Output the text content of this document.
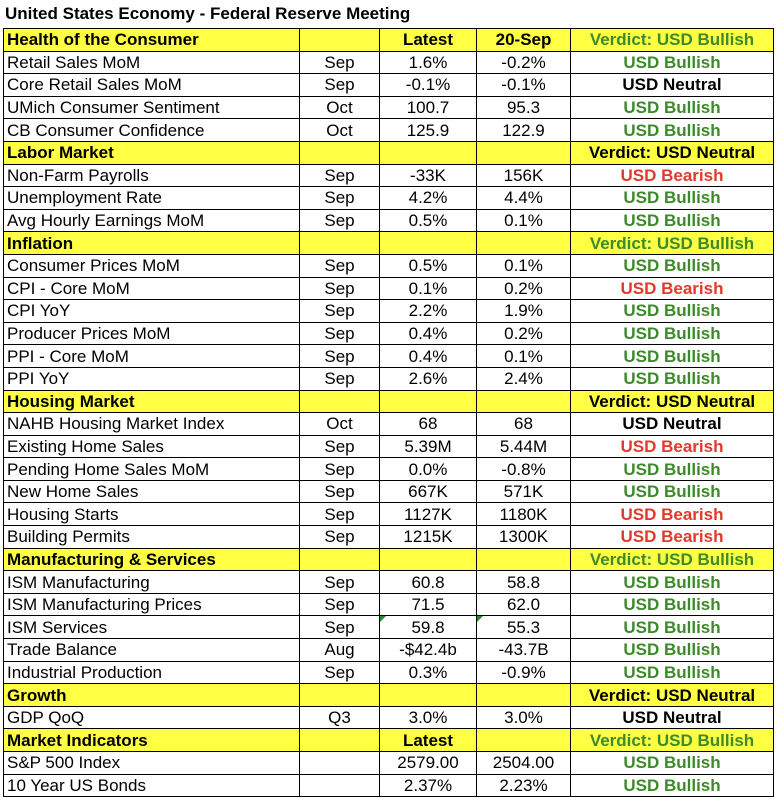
United States Economy - Federal Reserve Meeting
Health of the Consumer		Latest	20-Sep	Verdict: USD Bullish
Retail Sales MoM	Sep	1.6%	-0.2%	USD Bullish
Core Retail Sales MoM	Sep	-0.1%	-0.1%	USD Neutral
UMich Consumer Sentiment	Oct	100.7	95.3	USD Bullish
CB Consumer Confidence	Oct	125.9	122.9	USD Bullish
Labor Market				Verdict: USD Neutral
Non-Farm Payrolls	Sep	-33K	156K	USD Bearish
Unemployment Rate	Sep	4.2%	4.4%	USD Bullish
Avg Hourly Earnings MoM	Sep	0.5%	0.1%	USD Bullish
Inflation				Verdict: USD Bullish
Consumer Prices MoM	Sep	0.5%	0.1%	USD Bullish
CPI - Core MoM	Sep	0.1%	0.2%	USD Bearish
CPI YoY	Sep	2.2%	1.9%	USD Bullish
Producer Prices MoM	Sep	0.4%	0.2%	USD Bullish
PPI - Core MoM	Sep	0.4%	0.1%	USD Bullish
PPI YoY	Sep	2.6%	2.4%	USD Bullish
Housing Market				Verdict: USD Neutral
NAHB Housing Market Index	Oct	68	68	USD Neutral
Existing Home Sales	Sep	5.39M	5.44M	USD Bearish
Pending Home Sales MoM	Sep	0.0%	-0.8%	USD Bullish
New Home Sales	Sep	667K	571K	USD Bullish
Housing Starts	Sep	1127K	1180K	USD Bearish
Building Permits	Sep	1215K	1300K	USD Bearish
Manufacturing & Services				Verdict: USD Bullish
ISM Manufacturing	Sep	60.8	58.8	USD Bullish
ISM Manufacturing Prices	Sep	71.5	62.0	USD Bullish
ISM Services	Sep	59.8	55.3	USD Bullish
Trade Balance	Aug	-$42.4b	-43.7B	USD Bullish
Industrial Production	Sep	0.3%	-0.9%	USD Bullish
Growth				Verdict: USD Neutral
GDP QoQ	Q3	3.0%	3.0%	USD Neutral
Market Indicators		Latest		Verdict: USD Bullish
S&P 500 Index		2579.00	2504.00	USD Bullish
10 Year US Bonds		2.37%	2.23%	USD Bullish
